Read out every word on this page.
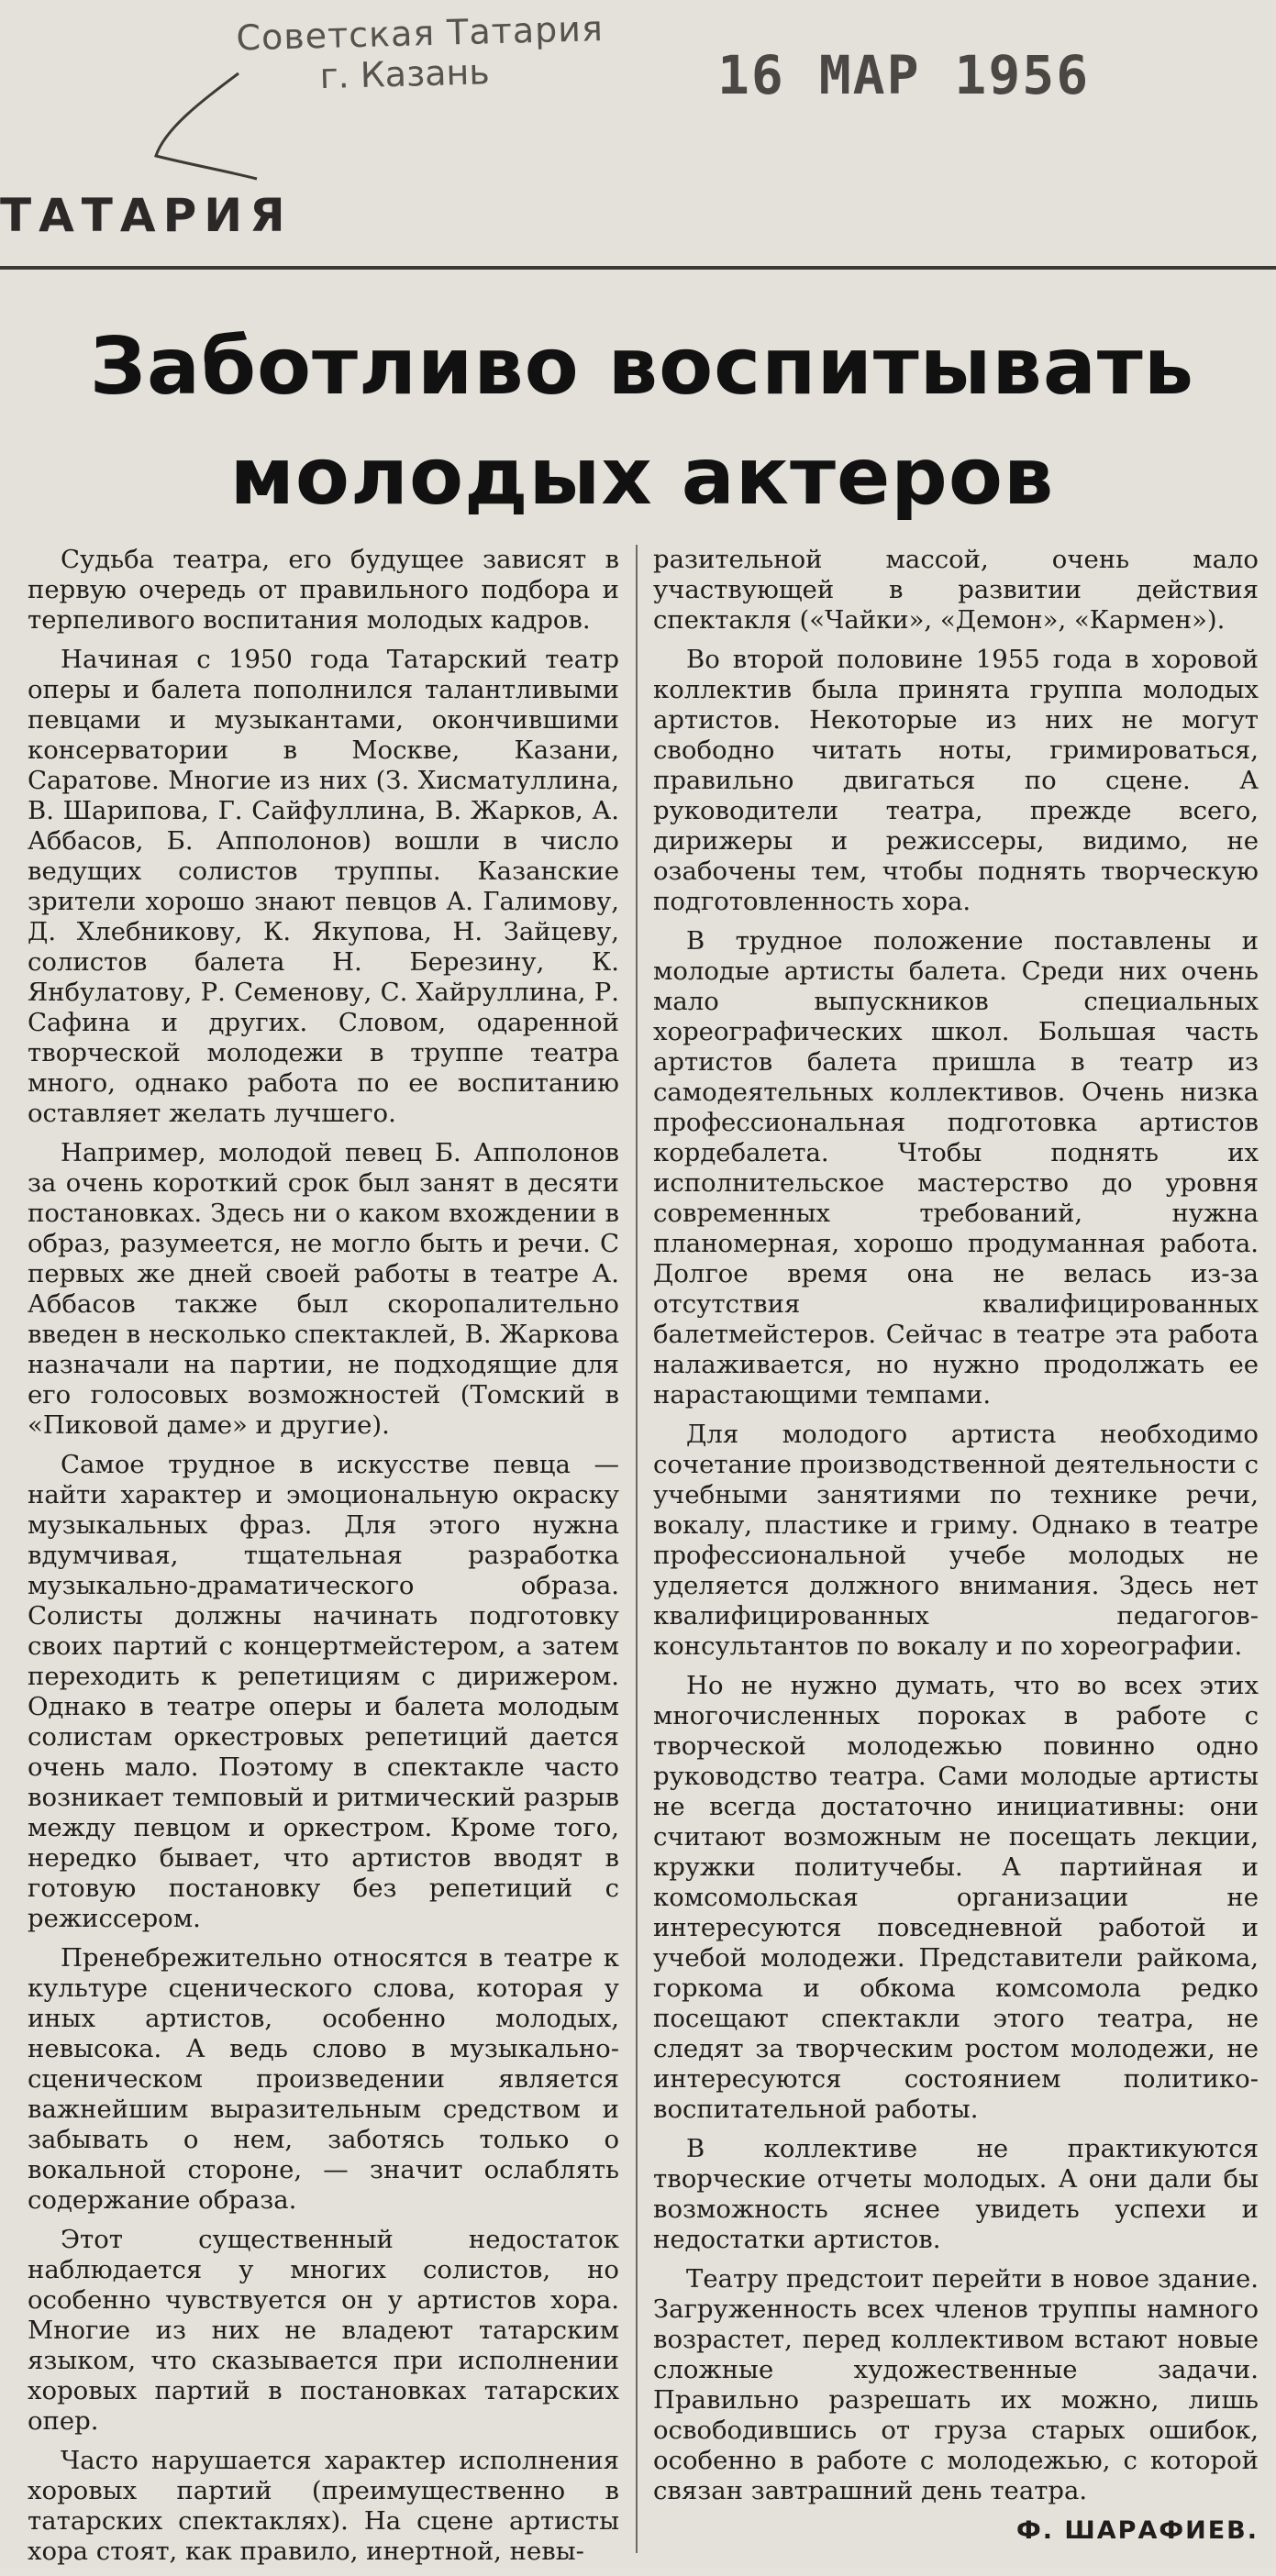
Советская Татария
г. Казань	16 МАР 1956
ТАТАРИЯ
Заботливо воспитывать
молодых актеров

Судьба театра, его будущее зависят в первую очередь от правильного подбора и терпеливого воспитания молодых кадров.

Начиная с 1950 года Татарский театр оперы и балета пополнился талантливыми певцами и музыкантами, окончившими консерватории в Москве, Казани, Саратове. Многие из них (З. Хисматуллина, В. Шарипова, Г. Сайфуллина, В. Жарков, А. Аббасов, Б. Апполонов) вошли в число ведущих солистов труппы. Казанские зрители хорошо знают певцов А. Галимову, Д. Хлебникову, К. Якупова, Н. Зайцеву, солистов балета Н. Березину, К. Янбулатову, Р. Семенову, С. Хайруллина, Р. Сафина и других. Словом, одаренной творческой молодежи в труппе театра много, однако работа по ее воспитанию оставляет желать лучшего.

Например, молодой певец Б. Апполонов за очень короткий срок был занят в десяти постановках. Здесь ни о каком вхождении в образ, разумеется, не могло быть и речи. С первых же дней своей работы в театре А. Аббасов также был скоропалительно введен в несколько спектаклей, В. Жаркова назначали на партии, не подходящие для его голосовых возможностей (Томский в «Пиковой даме» и другие).

Самое трудное в искусстве певца — найти характер и эмоциональную окраску музыкальных фраз. Для этого нужна вдумчивая, тщательная разработка музыкально-драматического образа. Солисты должны начинать подготовку своих партий с концертмейстером, а затем переходить к репетициям с дирижером. Однако в театре оперы и балета молодым солистам оркестровых репетиций дается очень мало. Поэтому в спектакле часто возникает темповый и ритмический разрыв между певцом и оркестром. Кроме того, нередко бывает, что артистов вводят в готовую постановку без репетиций с режиссером.

Пренебрежительно относятся в театре к культуре сценического слова, которая у иных артистов, особенно молодых, невысока. А ведь слово в музыкально-сценическом произведении является важнейшим выразительным средством и забывать о нем, заботясь только о вокальной стороне, — значит ослаблять содержание образа.

Этот существенный недостаток наблюдается у многих солистов, но особенно чувствуется он у артистов хора. Многие из них не владеют татарским языком, что сказывается при исполнении хоровых партий в постановках татарских опер.

Часто нарушается характер исполнения хоровых партий (преимущественно в татарских спектаклях). На сцене артисты хора стоят, как правило, инертной, невы-

разительной массой, очень мало участвующей в развитии действия спектакля («Чайки», «Демон», «Кармен»).

Во второй половине 1955 года в хоровой коллектив была принята группа молодых артистов. Некоторые из них не могут свободно читать ноты, гримироваться, правильно двигаться по сцене. А руководители театра, прежде всего, дирижеры и режиссеры, видимо, не озабочены тем, чтобы поднять творческую подготовленность хора.

В трудное положение поставлены и молодые артисты балета. Среди них очень мало выпускников специальных хореографических школ. Большая часть артистов балета пришла в театр из самодеятельных коллективов. Очень низка профессиональная подготовка артистов кордебалета. Чтобы поднять их исполнительское мастерство до уровня современных требований, нужна планомерная, хорошо продуманная работа. Долгое время она не велась из-за отсутствия квалифицированных балетмейстеров. Сейчас в театре эта работа налаживается, но нужно продолжать ее нарастающими темпами.

Для молодого артиста необходимо сочетание производственной деятельности с учебными занятиями по технике речи, вокалу, пластике и гриму. Однако в театре профессиональной учебе молодых не уделяется должного внимания. Здесь нет квалифицированных педагогов-консультантов по вокалу и по хореографии.

Но не нужно думать, что во всех этих многочисленных пороках в работе с творческой молодежью повинно одно руководство театра. Сами молодые артисты не всегда достаточно инициативны: они считают возможным не посещать лекции, кружки политучебы. А партийная и комсомольская организации не интересуются повседневной работой и учебой молодежи. Представители райкома, горкома и обкома комсомола редко посещают спектакли этого театра, не следят за творческим ростом молодежи, не интересуются состоянием политико-воспитательной работы.

В коллективе не практикуются творческие отчеты молодых. А они дали бы возможность яснее увидеть успехи и недостатки артистов.

Театру предстоит перейти в новое здание. Загруженность всех членов труппы намного возрастет, перед коллективом встают новые сложные художественные задачи. Правильно разрешать их можно, лишь освободившись от груза старых ошибок, особенно в работе с молодежью, с которой связан завтрашний день театра.

Ф. ШАРАФИЕВ.
